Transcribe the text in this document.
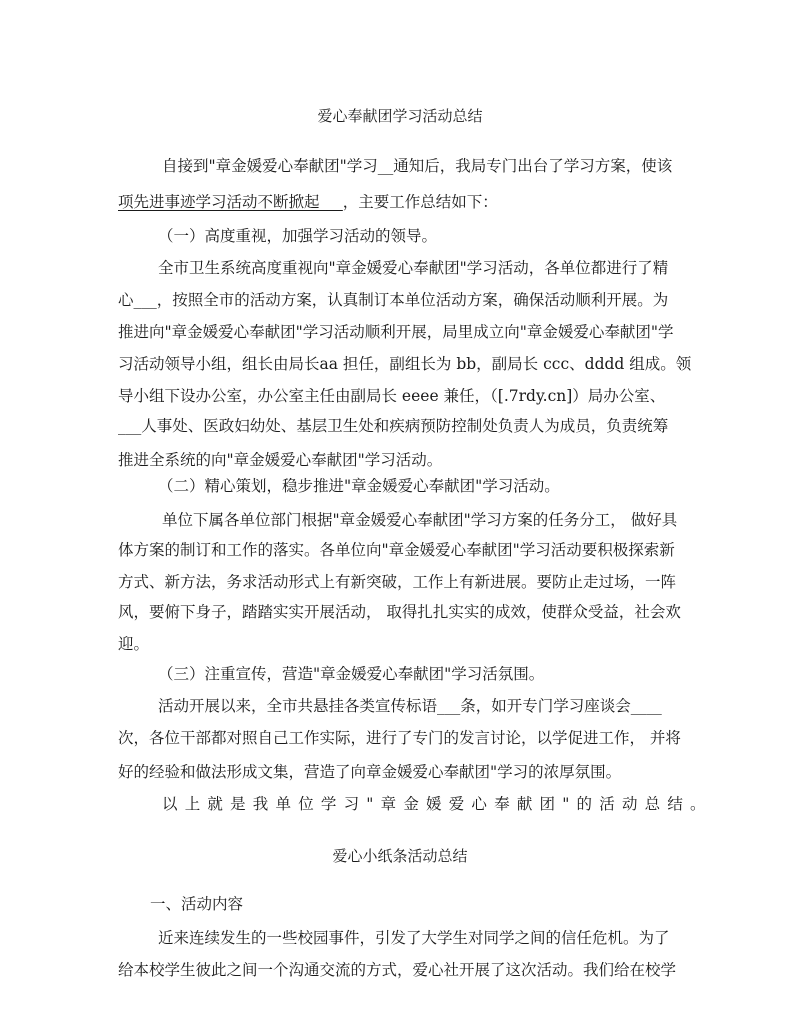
爱心奉献团学习活动总结
自接到"章金媛爱心奉献团"学习__通知后，我局专门出台了学习方案，使该
项先进事迹学习活动不断掀起___，主要工作总结如下：
（一）高度重视，加强学习活动的领导。
全市卫生系统高度重视向"章金媛爱心奉献团"学习活动，各单位都进行了精
心___，按照全市的活动方案，认真制订本单位活动方案，确保活动顺利开展。为
推进向"章金媛爱心奉献团"学习活动顺利开展，局里成立向"章金媛爱心奉献团"学
习活动领导小组，组长由局长aa 担任，副组长为 bb，副局长 ccc、dddd 组成。领
导小组下设办公室，办公室主任由副局长 eeee 兼任，（[.7rdy.cn]）局办公室、
___人事处、医政妇幼处、基层卫生处和疾病预防控制处负责人为成员，负责统筹
推进全系统的向"章金媛爱心奉献团"学习活动。
（二）精心策划，稳步推进"章金媛爱心奉献团"学习活动。
单位下属各单位部门根据"章金媛爱心奉献团"学习方案的任务分工， 做好具
体方案的制订和工作的落实。各单位向"章金媛爱心奉献团"学习活动要积极探索新
方式、新方法，务求活动形式上有新突破，工作上有新进展。要防止走过场，一阵
风，要俯下身子，踏踏实实开展活动， 取得扎扎实实的成效，使群众受益，社会欢
迎。
（三）注重宣传，营造"章金媛爱心奉献团"学习活氛围。
活动开展以来，全市共悬挂各类宣传标语___条，如开专门学习座谈会____
次，各位干部都对照自己工作实际，进行了专门的发言讨论，以学促进工作， 并将
好的经验和做法形成文集，营造了向章金媛爱心奉献团"学习的浓厚氛围。
以上就是我单位学习"章金媛爱心奉献团"的活动总结。
爱心小纸条活动总结
一、活动内容
近来连续发生的一些校园事件，引发了大学生对同学之间的信任危机。为了
给本校学生彼此之间一个沟通交流的方式，爱心社开展了这次活动。我们给在校学
